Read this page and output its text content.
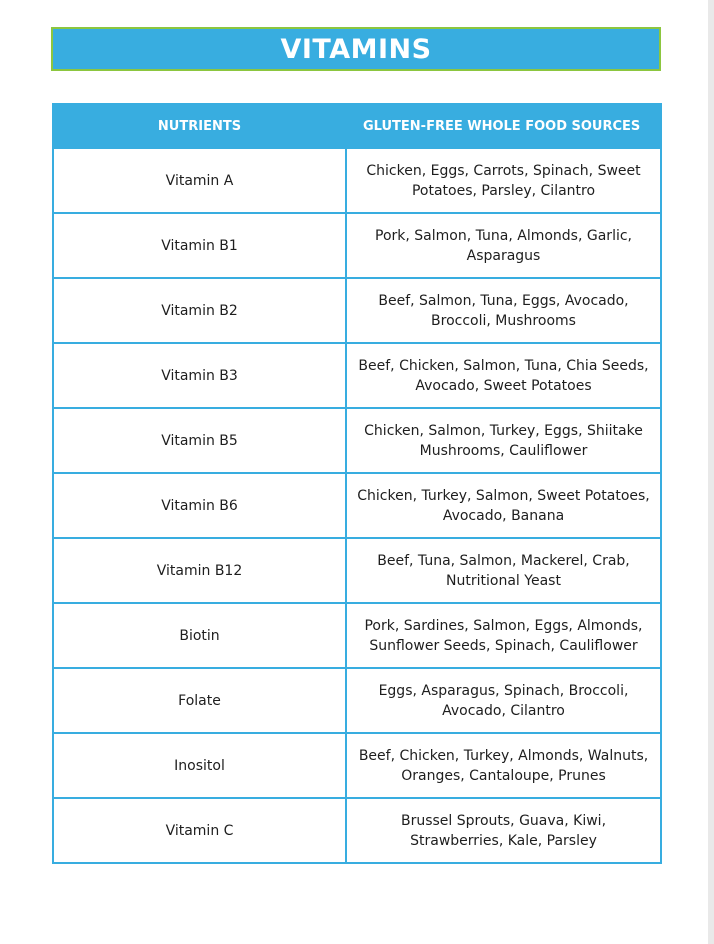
VITAMINS
NUTRIENTS	GLUTEN-FREE WHOLE FOOD SOURCES
Vitamin A	Chicken, Eggs, Carrots, Spinach, Sweet Potatoes, Parsley, Cilantro
Vitamin B1	Pork, Salmon, Tuna, Almonds, Garlic, Asparagus
Vitamin B2	Beef, Salmon, Tuna, Eggs, Avocado, Broccoli, Mushrooms
Vitamin B3	Beef, Chicken, Salmon, Tuna, Chia Seeds, Avocado, Sweet Potatoes
Vitamin B5	Chicken, Salmon, Turkey, Eggs, Shiitake Mushrooms, Cauliflower
Vitamin B6	Chicken, Turkey, Salmon, Sweet Potatoes, Avocado, Banana
Vitamin B12	Beef, Tuna, Salmon, Mackerel, Crab, Nutritional Yeast
Biotin	Pork, Sardines, Salmon, Eggs, Almonds, Sunflower Seeds, Spinach, Cauliflower
Folate	Eggs, Asparagus, Spinach, Broccoli, Avocado, Cilantro
Inositol	Beef, Chicken, Turkey, Almonds, Walnuts, Oranges, Cantaloupe, Prunes
Vitamin C	Brussel Sprouts, Guava, Kiwi, Strawberries, Kale, Parsley
